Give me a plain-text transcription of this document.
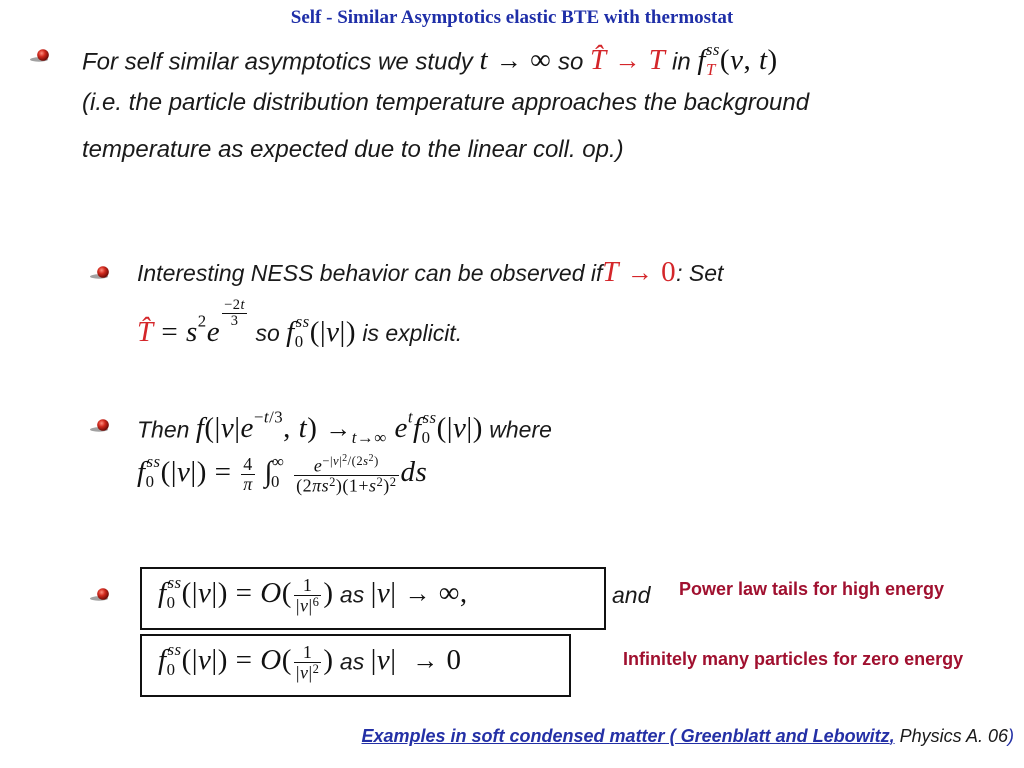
Self - Similar Asymptotics elastic BTE with thermostat
For self similar asymptotics we study t → ∞ so T̂ → T in $f_T^{ss}(v$, t)
(i.e. the particle distribution temperature approaches the background
temperature as expected due to the linear coll. op.)
Interesting NESS behavior can be observed ifT → 0: Set
T̂ = $s^2e$
$\frac{-2t}{3}$
so $f_0^{ss}(|v|)$ is explicit.
Then $f(|v|e^{-t/3}$, $t) \to_{t\to\infty}$ $e^tf_0^{ss}(|v|)$ where
$f_0^{ss}(|v|) = \frac{4}{\pi} \int_0^\infty \frac{e^{-|v|^2/(2s^2)}}{(2\pi s^2)(1+s^2)^2}$ ds
$f_0^{ss}(|v|) = O( \frac{1}{|v|^6}$ ) as |v| → ∞,	and
$f_0^{ss}(|v|) = O( \frac{1}{|v|^2}$ ) as |v|  → 0
Power law tails for high energy
Infinitely many particles for zero energy
Examples in soft condensed matter ( Greenblatt and Lebowitz, Physics A. 06)
